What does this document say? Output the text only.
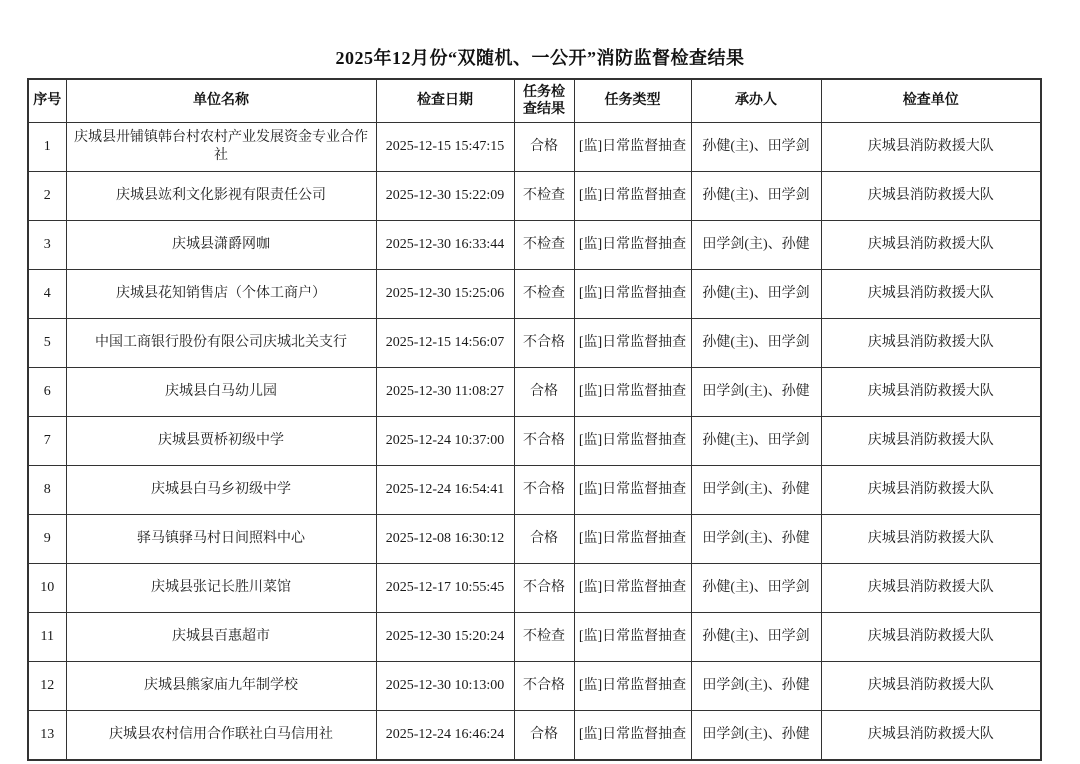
2025年12月份“双随机、一公开”消防监督检查结果
序号	单位名称	检查日期	任务检查结果	任务类型	承办人	检查单位
1	庆城县卅铺镇韩台村农村产业发展资金专业合作社	2025-12-15 15:47:15	合格	[监]日常监督抽查	孙健(主)、田学剑	庆城县消防救援大队
2	庆城县竑利文化影视有限责任公司	2025-12-30 15:22:09	不检查	[监]日常监督抽查	孙健(主)、田学剑	庆城县消防救援大队
3	庆城县潇爵网咖	2025-12-30 16:33:44	不检查	[监]日常监督抽查	田学剑(主)、孙健	庆城县消防救援大队
4	庆城县花知销售店（个体工商户）	2025-12-30 15:25:06	不检查	[监]日常监督抽查	孙健(主)、田学剑	庆城县消防救援大队
5	中国工商银行股份有限公司庆城北关支行	2025-12-15 14:56:07	不合格	[监]日常监督抽查	孙健(主)、田学剑	庆城县消防救援大队
6	庆城县白马幼儿园	2025-12-30 11:08:27	合格	[监]日常监督抽查	田学剑(主)、孙健	庆城县消防救援大队
7	庆城县贾桥初级中学	2025-12-24 10:37:00	不合格	[监]日常监督抽查	孙健(主)、田学剑	庆城县消防救援大队
8	庆城县白马乡初级中学	2025-12-24 16:54:41	不合格	[监]日常监督抽查	田学剑(主)、孙健	庆城县消防救援大队
9	驿马镇驿马村日间照料中心	2025-12-08 16:30:12	合格	[监]日常监督抽查	田学剑(主)、孙健	庆城县消防救援大队
10	庆城县张记长胜川菜馆	2025-12-17 10:55:45	不合格	[监]日常监督抽查	孙健(主)、田学剑	庆城县消防救援大队
11	庆城县百惠超市	2025-12-30 15:20:24	不检查	[监]日常监督抽查	孙健(主)、田学剑	庆城县消防救援大队
12	庆城县熊家庙九年制学校	2025-12-30 10:13:00	不合格	[监]日常监督抽查	田学剑(主)、孙健	庆城县消防救援大队
13	庆城县农村信用合作联社白马信用社	2025-12-24 16:46:24	合格	[监]日常监督抽查	田学剑(主)、孙健	庆城县消防救援大队
